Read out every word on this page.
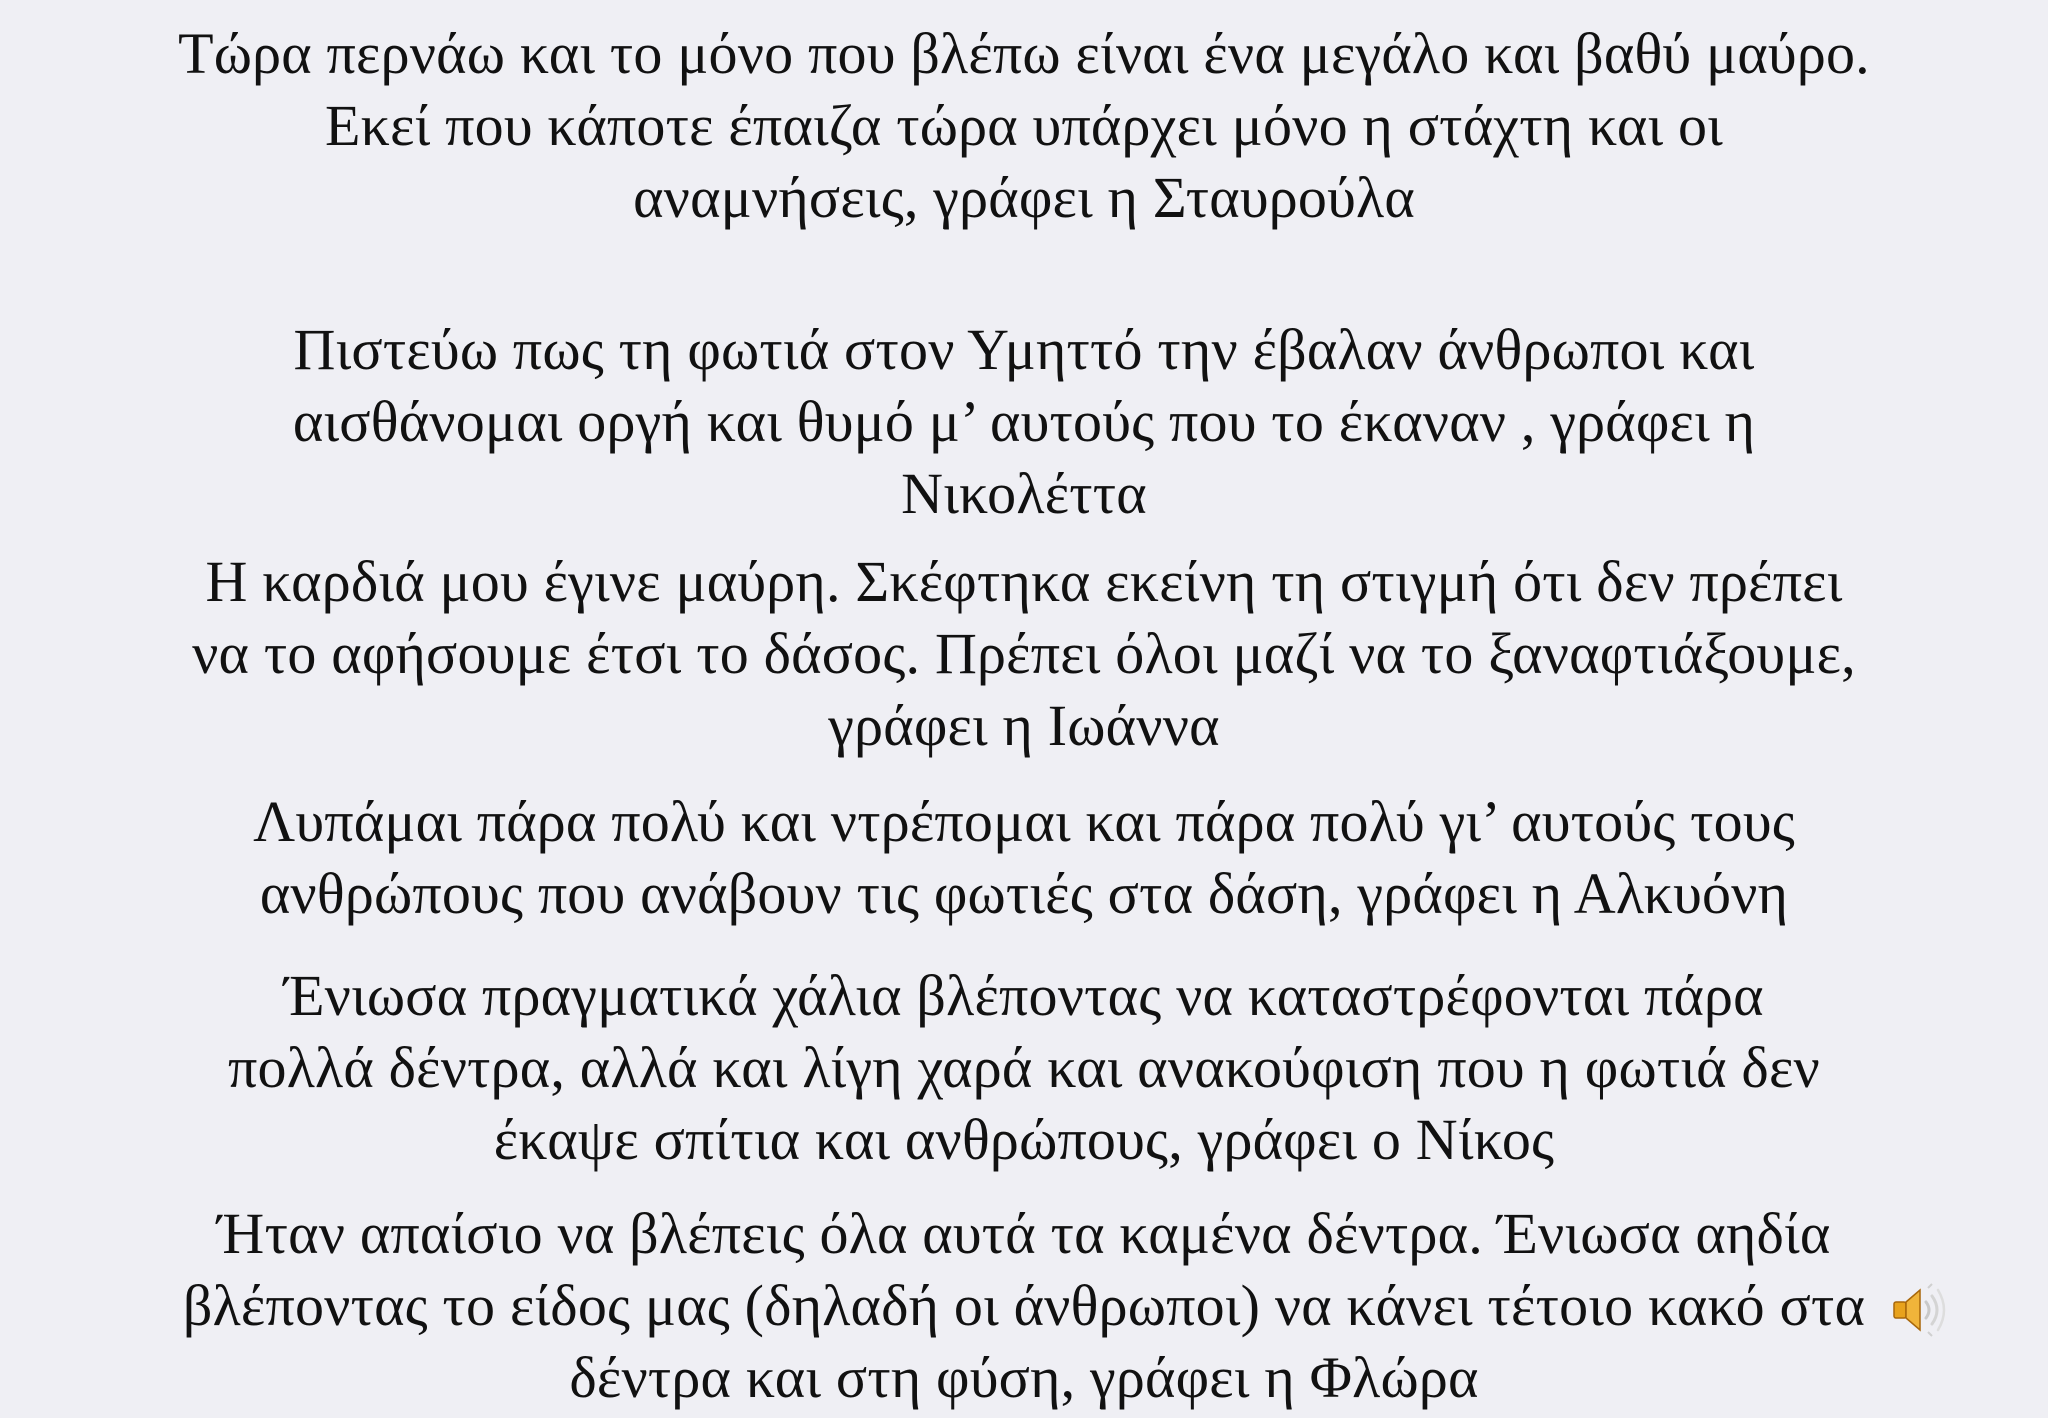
Τώρα περνάω και το μόνο που βλέπω είναι ένα μεγάλο και βαθύ μαύρο.
Εκεί που κάποτε έπαιζα τώρα υπάρχει μόνο η στάχτη και οι
αναμνήσεις, γράφει η Σταυρούλα
Πιστεύω πως τη φωτιά στον Υμηττό την έβαλαν άνθρωποι και
αισθάνομαι οργή και θυμό μ’ αυτούς που το έκαναν , γράφει η
Νικολέττα
Η καρδιά μου έγινε μαύρη. Σκέφτηκα εκείνη τη στιγμή ότι δεν πρέπει
να το αφήσουμε έτσι το δάσος. Πρέπει όλοι μαζί να το ξαναφτιάξουμε,
γράφει η Ιωάννα
Λυπάμαι πάρα πολύ και ντρέπομαι και πάρα πολύ γι’ αυτούς τους
ανθρώπους που ανάβουν τις φωτιές στα δάση, γράφει η Αλκυόνη
Ένιωσα πραγματικά χάλια βλέποντας να καταστρέφονται πάρα
πολλά δέντρα, αλλά και λίγη χαρά και ανακούφιση που η φωτιά δεν
έκαψε σπίτια και ανθρώπους, γράφει ο Νίκος
Ήταν απαίσιο να βλέπεις όλα αυτά τα καμένα δέντρα. Ένιωσα αηδία
βλέποντας το είδος μας (δηλαδή οι άνθρωποι) να κάνει τέτοιο κακό στα
δέντρα και στη φύση, γράφει η Φλώρα
